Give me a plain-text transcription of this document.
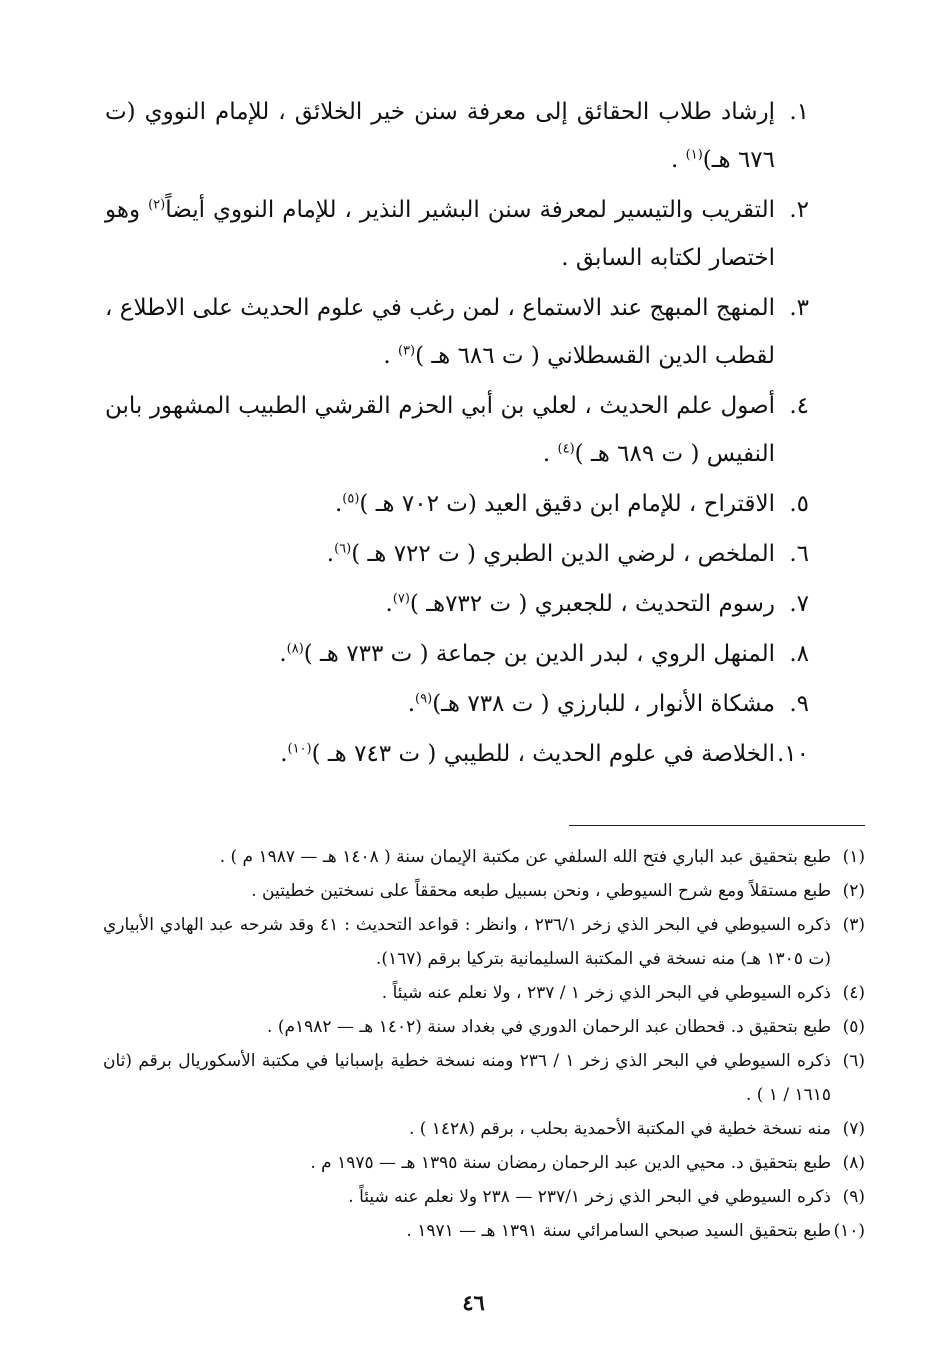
١.
إرشاد طلاب الحقائق إلى معرفة سنن خير الخلائق ، للإمام النووي (ت ٦٧٦ هـ)$^{(١)}$ .
٢.
التقريب والتيسير لمعرفة سنن البشير النذير ، للإمام النووي أيضاً$^{(٢)}$ وهو اختصار لكتابه السابق .
٣.
المنهج المبهج عند الاستماع ، لمن رغب في علوم الحديث على الاطلاع ، لقطب الدين القسطلاني ( ت ٦٨٦ هـ )$^{(٣)}$ .
٤.
أصول علم الحديث ، لعلي بن أبي الحزم القرشي الطبيب المشهور بابن النفيس ( ت ٦٨٩ هـ )$^{(٤)}$ .
٥.
الاقتراح ، للإمام ابن دقيق العيد (ت ٧٠٢ هـ )$^{(٥)}$.
٦.
الملخص ، لرضي الدين الطبري ( ت ٧٢٢ هـ )$^{(٦)}$.
٧.
رسوم التحديث ، للجعبري ( ت ٧٣٢هـ )$^{(٧)}$.
٨.
المنهل الروي ، لبدر الدين بن جماعة ( ت ٧٣٣ هـ )$^{(٨)}$.
٩.
مشكاة الأنوار ، للبارزي ( ت ٧٣٨ هـ)$^{(٩)}$.
١٠.
الخلاصة في علوم الحديث ، للطيبي ( ت ٧٤٣ هـ )$^{(١٠)}$.
(١)
طبع بتحقيق عبد الباري فتح الله السلفي عن مكتبة الإيمان سنة ( ١٤٠٨ هـ — ١٩٨٧ م ) .
(٢)
طبع مستقلاً ومع شرح السيوطي ، ونحن بسبيل طبعه محققاً على نسختين خطيتين .
(٣)
ذكره السيوطي في البحر الذي زخر ٢٣٦/١ ، وانظر : قواعد التحديث : ٤١ وقد شرحه عبد الهادي الأبياري (ت ١٣٠٥ هـ) منه نسخة في المكتبة السليمانية بتركيا برقم (١٦٧).
(٤)
ذكره السيوطي في البحر الذي زخر ١ / ٢٣٧ ، ولا نعلم عنه شيئاً .
(٥)
طبع بتحقيق د. قحطان عبد الرحمان الدوري في بغداد سنة (١٤٠٢ هـ — ١٩٨٢م) .
(٦)
ذكره السيوطي في البحر الذي زخر ١ / ٢٣٦ ومنه نسخة خطية بإسبانيا في مكتبة الأسكوريال برقم (ثان ١٦١٥ / ١ ) .
(٧)
منه نسخة خطية في المكتبة الأحمدية بحلب ، برقم (١٤٢٨ ) .
(٨)
طبع بتحقيق د. محيي الدين عبد الرحمان رمضان سنة ١٣٩٥ هـ — ١٩٧٥ م .
(٩)
ذكره السيوطي في البحر الذي زخر ٢٣٧/١ — ٢٣٨ ولا نعلم عنه شيئاً .
(١٠)
طبع بتحقيق السيد صبحي السامرائي سنة ١٣٩١ هـ — ١٩٧١ .
٤٦
